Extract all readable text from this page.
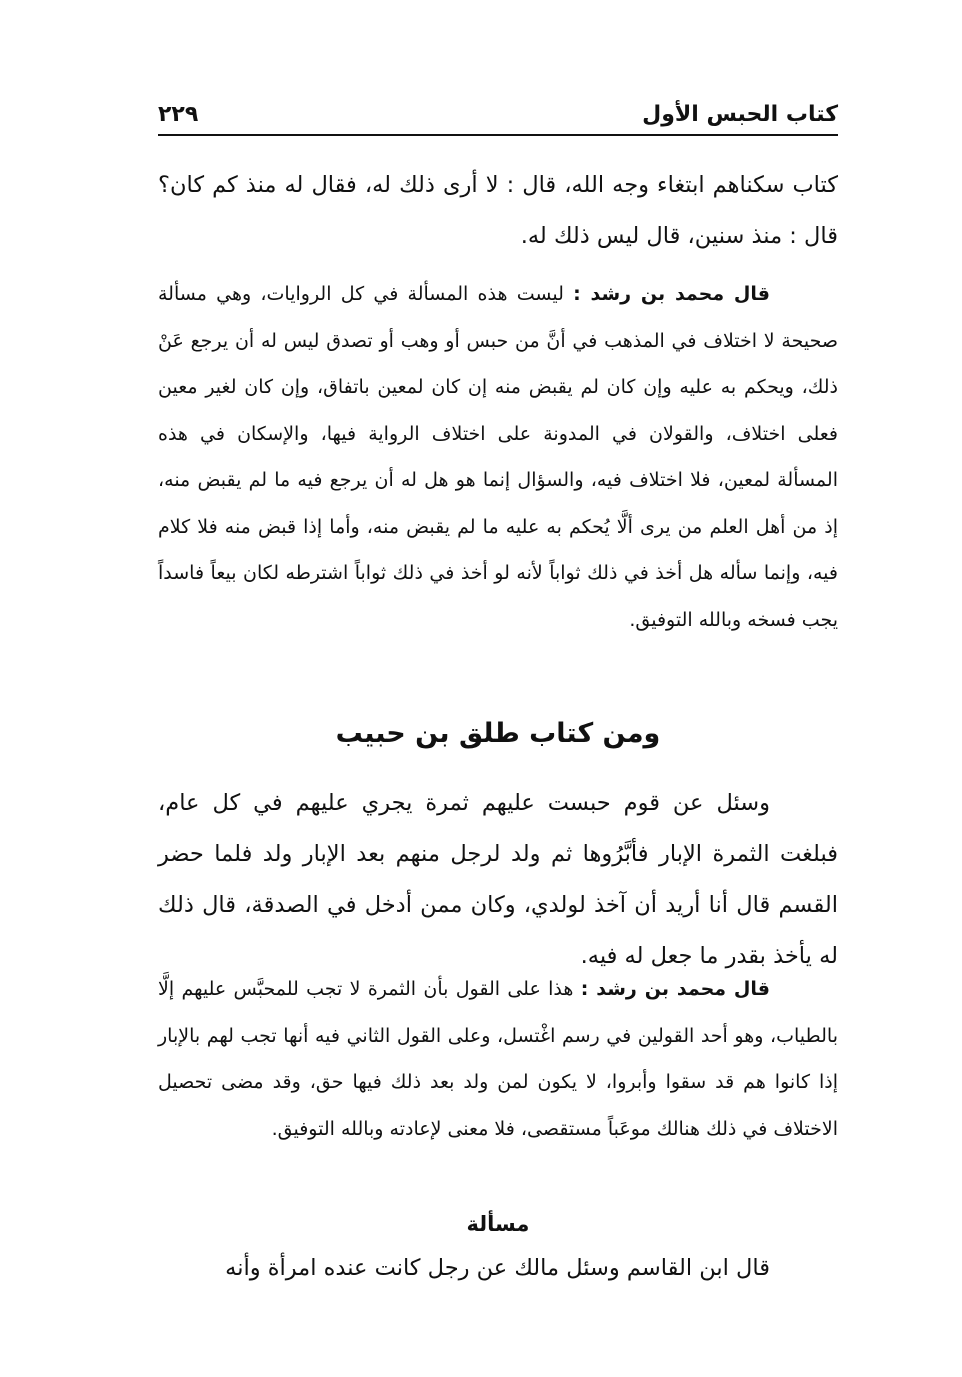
كتاب الحبس الأول
٢٢٩

كتاب سكناهم ابتغاء وجه الله، قال : لا أرى ذلك له، فقال له منذ كم كان؟ قال : منذ سنين، قال ليس ذلك له.

قال محمد بن رشد : ليست هذه المسألة في كل الروايات، وهي مسألة صحيحة لا اختلاف في المذهب في أنَّ من حبس أو وهب أو تصدق ليس له أن يرجع عَنْ ذلك، ويحكم به عليه وإن كان لم يقبض منه إن كان لمعين باتفاق، وإن كان لغير معين فعلى اختلاف، والقولان في المدونة على اختلاف الرواية فيها، والإسكان في هذه المسألة لمعين، فلا اختلاف فيه، والسؤال إنما هو هل له أن يرجع فيه ما لم يقبض منه، إذ من أهل العلم من يرى ألَّا يُحكم به عليه ما لم يقبض منه، وأما إذا قبض منه فلا كلام فيه، وإنما سأله هل أخذ في ذلك ثواباً لأنه لو أخذ في ذلك ثواباً اشترطه لكان بيعاً فاسداً يجب فسخه وبالله التوفيق.

ومن كتاب طلق بن حبيب

وسئل عن قوم حبست عليهم ثمرة يجري عليهم في كل عام، فبلغت الثمرة الإبار فأبَّرُوها ثم ولد لرجل منهم بعد الإبار ولد فلما حضر القسم قال أنا أريد أن آخذ لولدي، وكان ممن أدخل في الصدقة، قال ذلك له يأخذ بقدر ما جعل له فيه.

قال محمد بن رشد : هذا على القول بأن الثمرة لا تجب للمحبَّس عليهم إلَّا بالطياب، وهو أحد القولين في رسم اغْتسل، وعلى القول الثاني فيه أنها تجب لهم بالإبار إذا كانوا هم قد سقوا وأبروا، لا يكون لمن ولد بعد ذلك فيها حق، وقد مضى تحصيل الاختلاف في ذلك هنالك موعَباً مستقصى، فلا معنى لإعادته وبالله التوفيق.

مسألة

قال ابن القاسم وسئل مالك عن رجل كانت عنده امرأة وأنه
